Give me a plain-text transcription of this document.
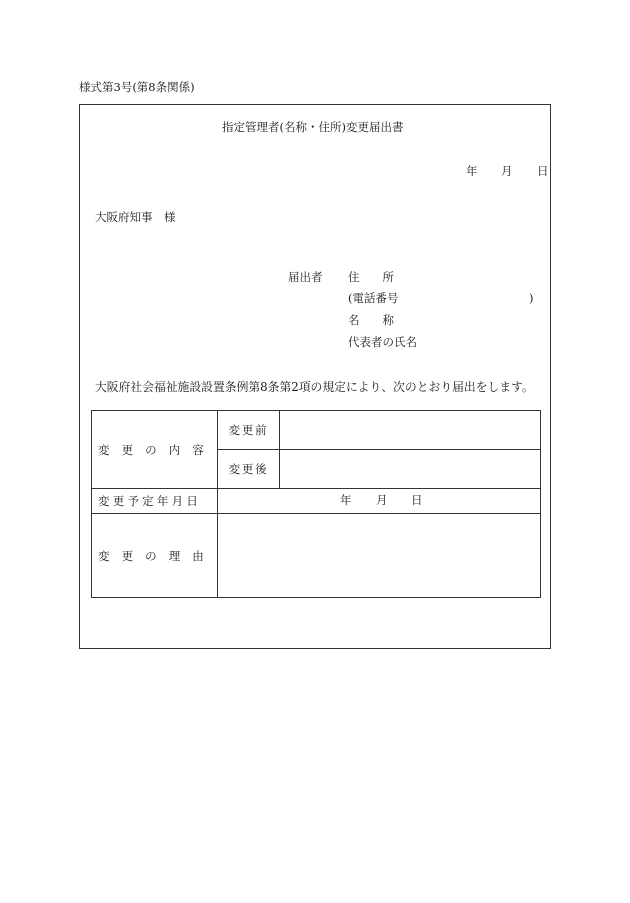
様式第3号(第8条関係)
指定管理者(名称・住所)変更届出書
年 月 日
大阪府知事　様
届出者 住　　所
(電話番号	)
名　　称
代表者の氏名
大阪府社会福祉施設設置条例第8条第2項の規定により、次のとおり届出をします。
変更の内容	変更前	
	変更後	
変更予定年月日	年 月 日	

変更の理由		
